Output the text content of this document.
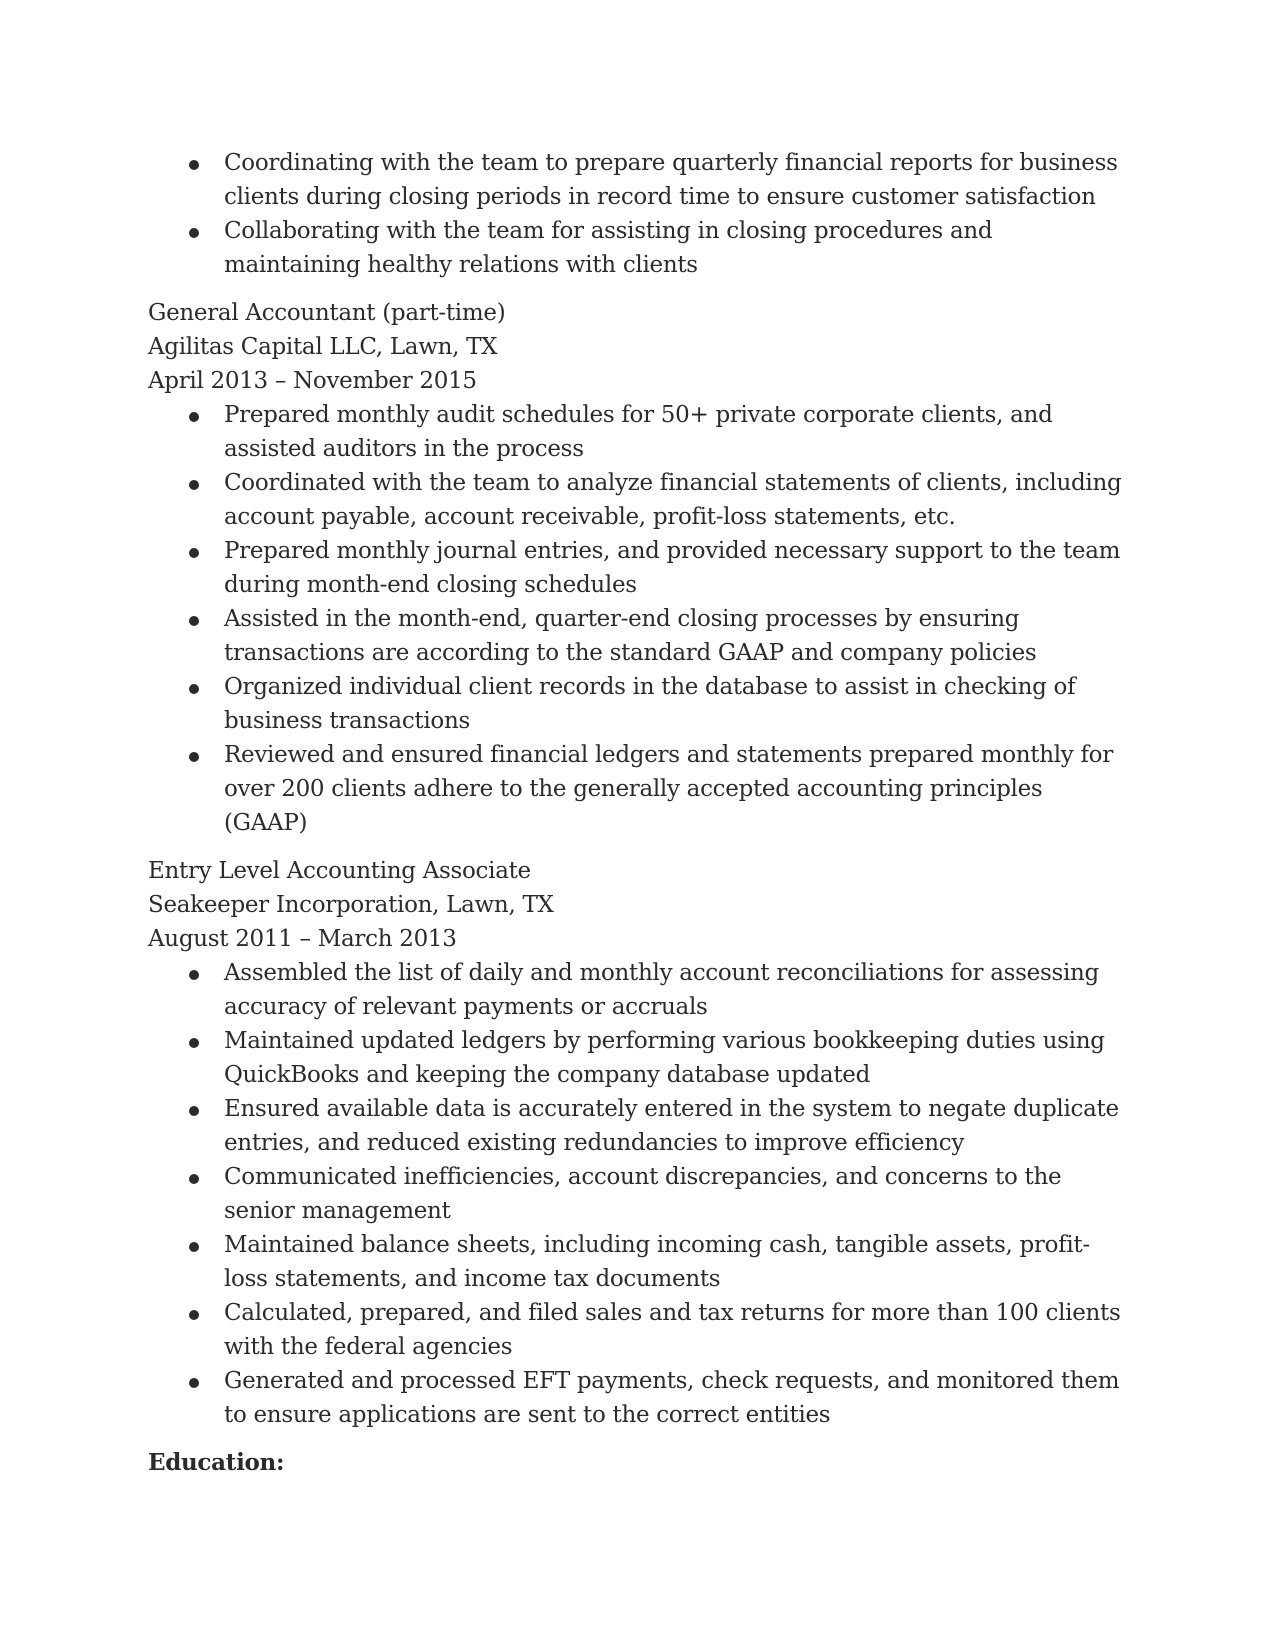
Coordinating with the team to prepare quarterly financial reports for business clients during closing periods in record time to ensure customer satisfaction
Collaborating with the team for assisting in closing procedures and maintaining healthy relations with clients
General Accountant (part-time)
Agilitas Capital LLC, Lawn, TX
April 2013 – November 2015
Prepared monthly audit schedules for 50+ private corporate clients, and assisted auditors in the process
Coordinated with the team to analyze financial statements of clients, including account payable, account receivable, profit-loss statements, etc.
Prepared monthly journal entries, and provided necessary support to the team during month-end closing schedules
Assisted in the month-end, quarter-end closing processes by ensuring transactions are according to the standard GAAP and company policies
Organized individual client records in the database to assist in checking of business transactions
Reviewed and ensured financial ledgers and statements prepared monthly for over 200 clients adhere to the generally accepted accounting principles (GAAP)
Entry Level Accounting Associate
Seakeeper Incorporation, Lawn, TX
August 2011 – March 2013
Assembled the list of daily and monthly account reconciliations for assessing accuracy of relevant payments or accruals
Maintained updated ledgers by performing various bookkeeping duties using QuickBooks and keeping the company database updated
Ensured available data is accurately entered in the system to negate duplicate entries, and reduced existing redundancies to improve efficiency
Communicated inefficiencies, account discrepancies, and concerns to the senior management
Maintained balance sheets, including incoming cash, tangible assets, profit-loss statements, and income tax documents
Calculated, prepared, and filed sales and tax returns for more than 100 clients with the federal agencies
Generated and processed EFT payments, check requests, and monitored them to ensure applications are sent to the correct entities
Education:
